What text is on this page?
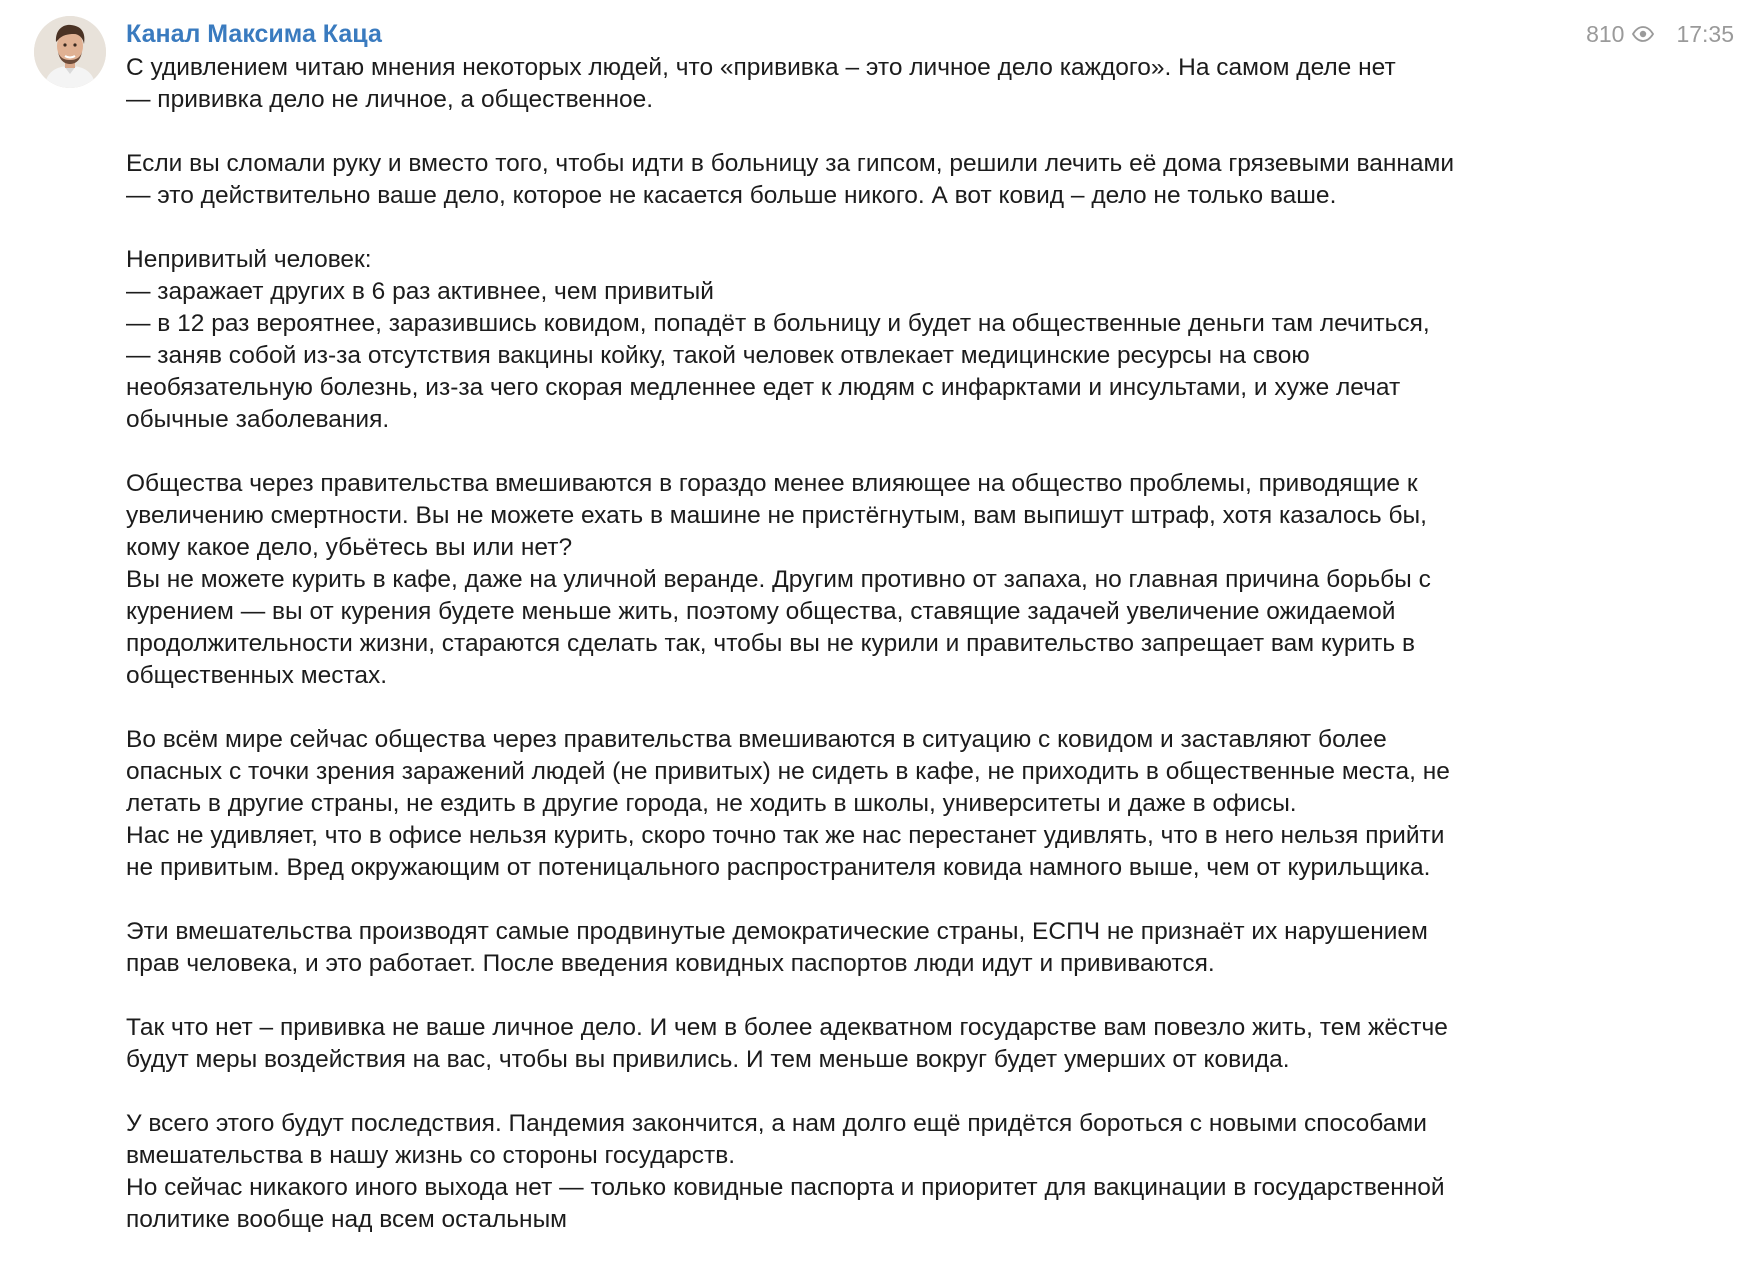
Канал Максима Каца	810 17:35
С удивлением читаю мнения некоторых людей, что «прививка – это личное дело каждого». На самом деле нет
— прививка дело не личное, а общественное.
Если вы сломали руку и вместо того, чтобы идти в больницу за гипсом, решили лечить её дома грязевыми ваннами
— это действительно ваше дело, которое не касается больше никого. А вот ковид – дело не только ваше.
Непривитый человек:
— заражает других в 6 раз активнее, чем привитый
— в 12 раз вероятнее, заразившись ковидом, попадёт в больницу и будет на общественные деньги там лечиться,
— заняв собой из-за отсутствия вакцины койку, такой человек отвлекает медицинские ресурсы на свою
необязательную болезнь, из-за чего скорая медленнее едет к людям с инфарктами и инсультами, и хуже лечат
обычные заболевания.
Общества через правительства вмешиваются в гораздо менее влияющее на общество проблемы, приводящие к
увеличению смертности. Вы не можете ехать в машине не пристёгнутым, вам выпишут штраф, хотя казалось бы,
кому какое дело, убьётесь вы или нет?
Вы не можете курить в кафе, даже на уличной веранде. Другим противно от запаха, но главная причина борьбы с
курением — вы от курения будете меньше жить, поэтому общества, ставящие задачей увеличение ожидаемой
продолжительности жизни, стараются сделать так, чтобы вы не курили и правительство запрещает вам курить в
общественных местах.
Во всём мире сейчас общества через правительства вмешиваются в ситуацию с ковидом и заставляют более
опасных с точки зрения заражений людей (не привитых) не сидеть в кафе, не приходить в общественные места, не
летать в другие страны, не ездить в другие города, не ходить в школы, университеты и даже в офисы.
Нас не удивляет, что в офисе нельзя курить, скоро точно так же нас перестанет удивлять, что в него нельзя прийти
не привитым. Вред окружающим от потеницального распространителя ковида намного выше, чем от курильщика.
Эти вмешательства производят самые продвинутые демократические страны, ЕСПЧ не признаёт их нарушением
прав человека, и это работает. После введения ковидных паспортов люди идут и прививаются.
Так что нет – прививка не ваше личное дело. И чем в более адекватном государстве вам повезло жить, тем жёстче
будут меры воздействия на вас, чтобы вы привились. И тем меньше вокруг будет умерших от ковида.
У всего этого будут последствия. Пандемия закончится, а нам долго ещё придётся бороться с новыми способами
вмешательства в нашу жизнь со стороны государств.
Но сейчас никакого иного выхода нет — только ковидные паспорта и приоритет для вакцинации в государственной
политике вообще над всем остальным
